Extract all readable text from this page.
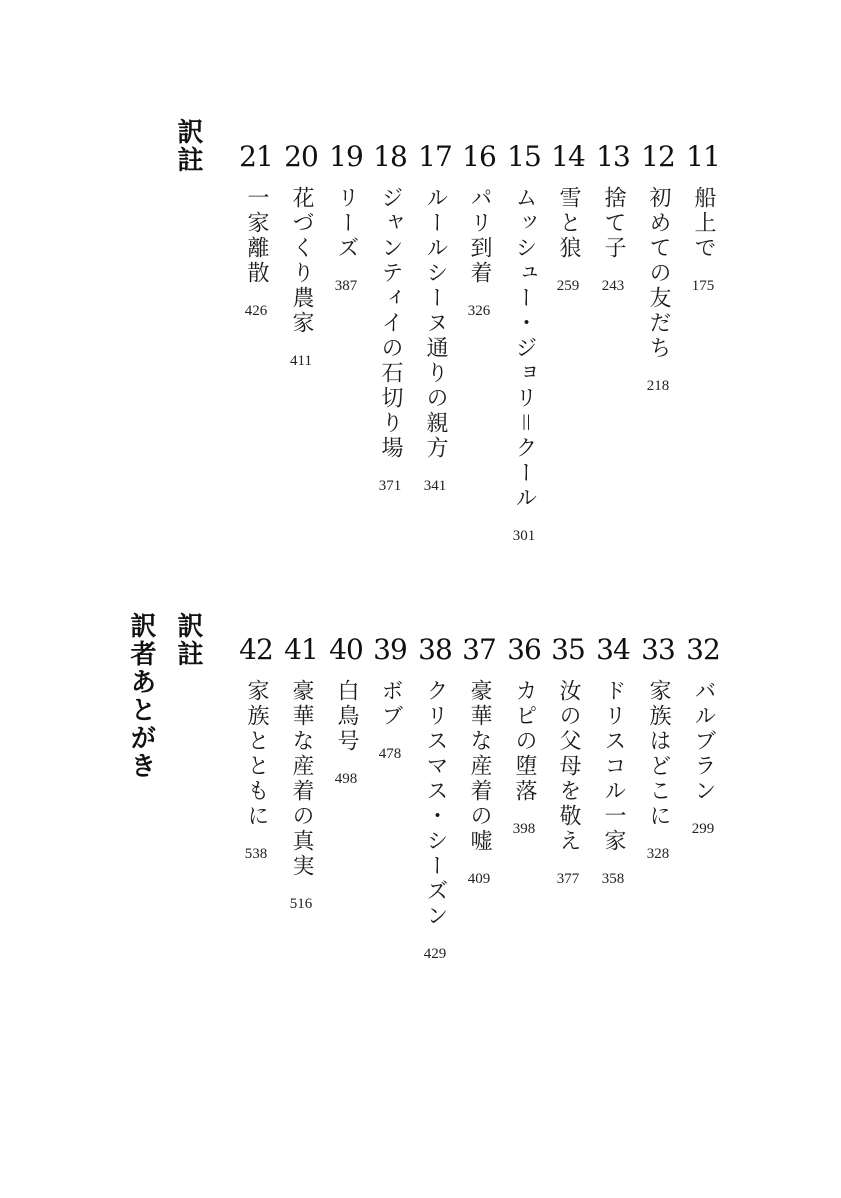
訳註	11
船上で
175
12
初めての友だち
218
13
捨て子
243
14
雪と狼
259
15
ムッシュー・ジョリ＝クール
301
16
パリ到着
326
17
ルールシーヌ通りの親方
341
18
ジャンティイの石切り場
371
19
リーズ
387
20
花づくり農家
411
21
一家離散
426
訳註
訳者あとがき	32
バルブラン
299
33
家族はどこに
328
34
ドリスコル一家
358
35
汝の父母を敬え
377
36
カピの堕落
398
37
豪華な産着の嘘
409
38
クリスマス・シーズン
429
39
ボブ
478
40
白鳥号
498
41
豪華な産着の真実
516
42
家族とともに
538
